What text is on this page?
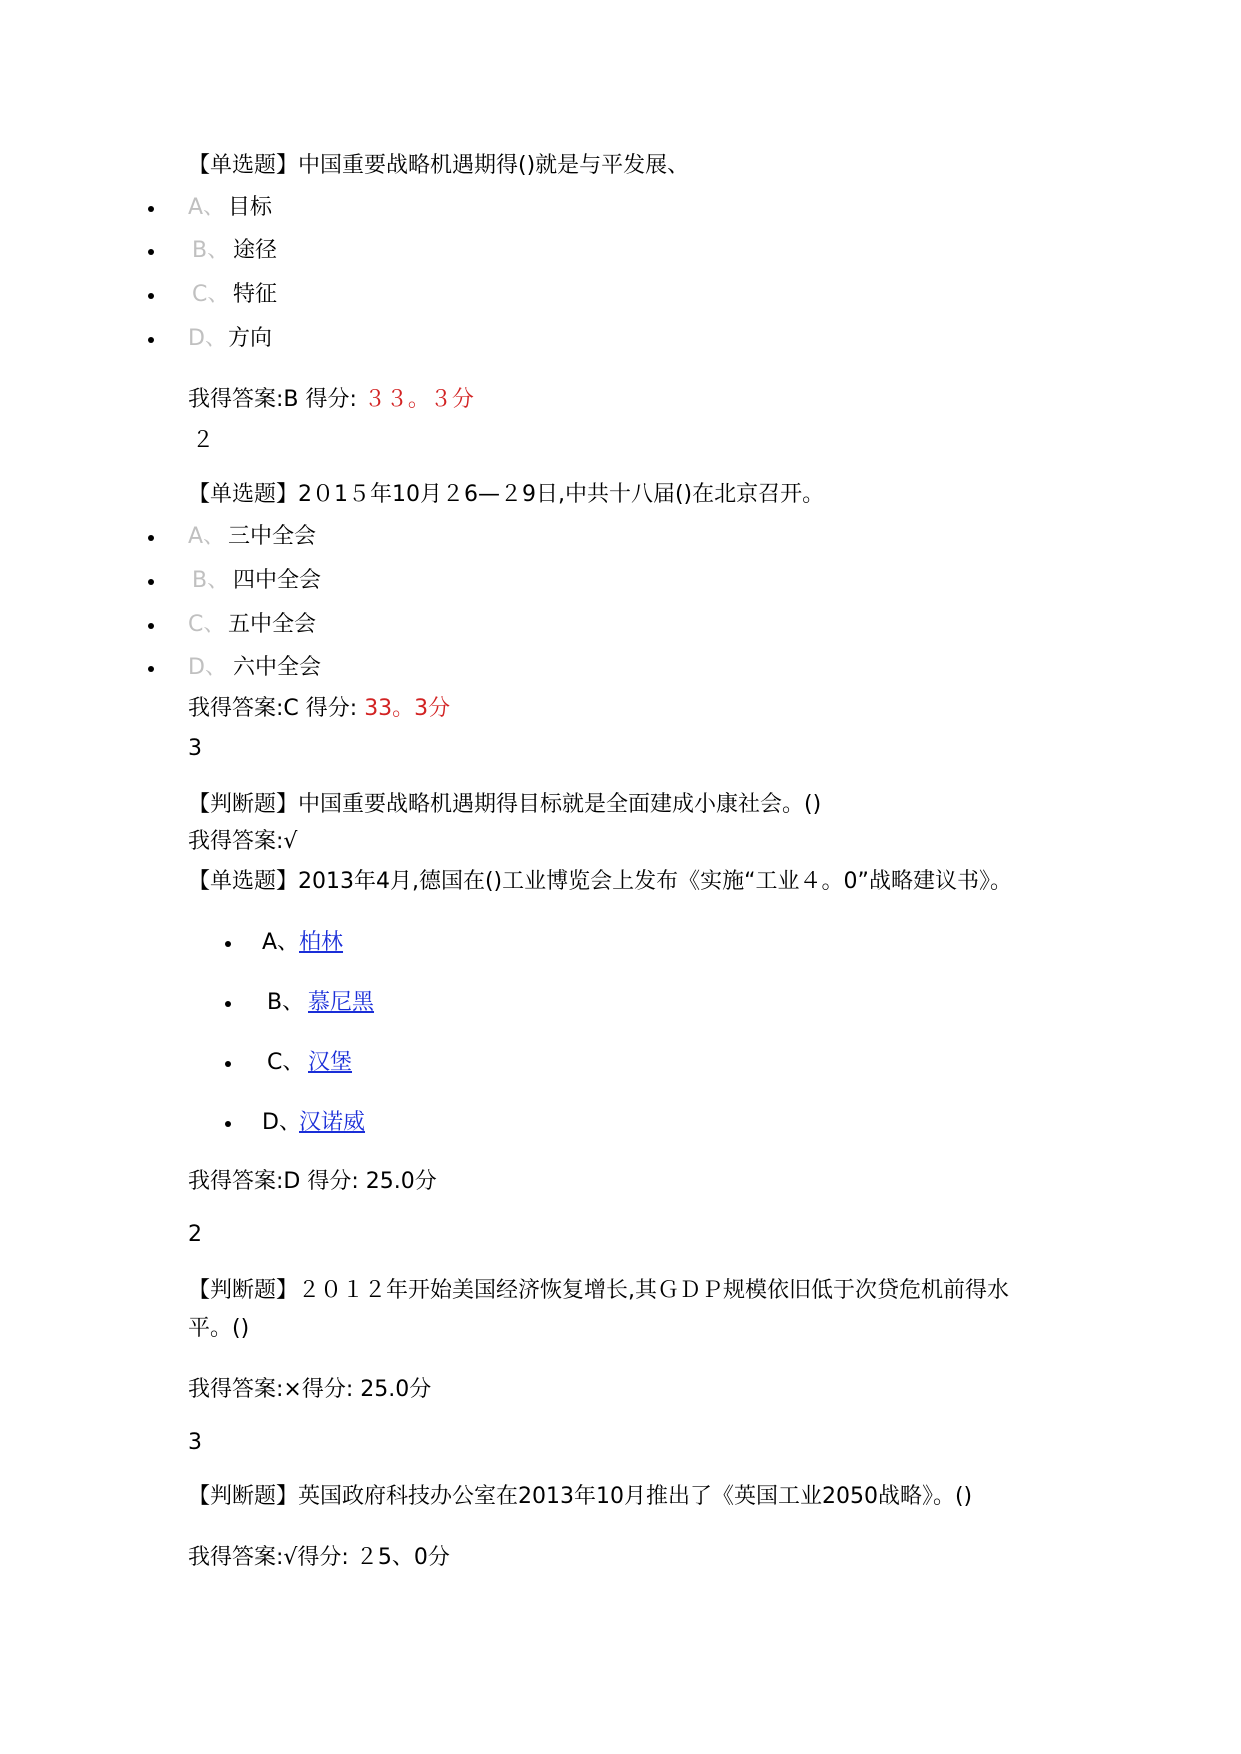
【单选题】中国重要战略机遇期得()就是与平发展、
A、 目标
B、 途径
C、 特征
D、 方向
我得答案:B 得分: ３３。３分
２
【单选题】2０1５年10月２6—２9日,中共十八届()在北京召开。
A、 三中全会
B、 四中全会
C、 五中全会
D、 六中全会
我得答案:C 得分: 33。3分
3
【判断题】中国重要战略机遇期得目标就是全面建成小康社会。()
我得答案:√
【单选题】2013年4月,德国在()工业博览会上发布《实施“工业４。0”战略建议书》。
A、 柏林
B、 慕尼黑
C、 汉堡
D、
汉诺威
我得答案:D 得分: 25.0分
2
【判断题】２０１２年开始美国经济恢复增长,其ＧＤＰ规模依旧低于次贷危机前得水
平。()
我得答案:×得分: 25.0分
3
【判断题】英国政府科技办公室在2013年10月推出了《英国工业2050战略》。()
我得答案:√得分: ２5、0分
